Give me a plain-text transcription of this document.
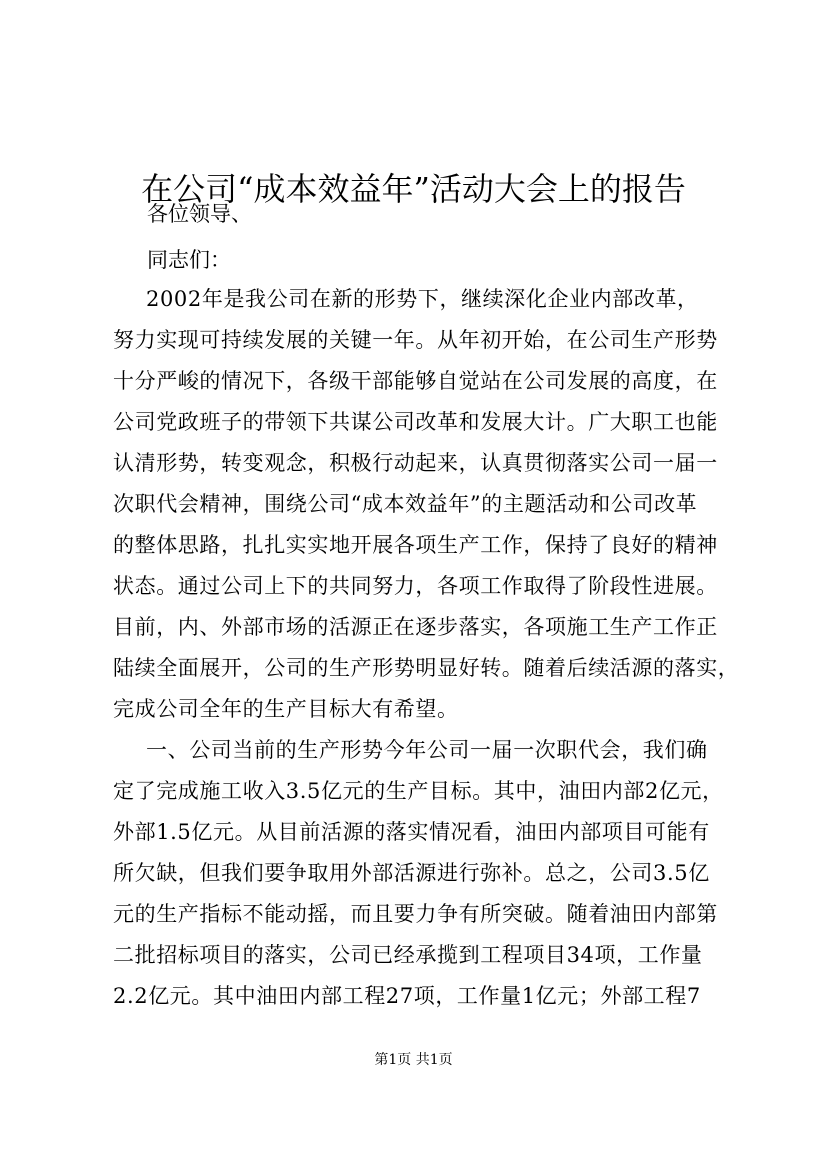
在公司“成本效益年”活动大会上的报告
各位领导、
同志们：
2002年是我公司在新的形势下，继续深化企业内部改革，
努力实现可持续发展的关键一年。从年初开始，在公司生产形势
十分严峻的情况下，各级干部能够自觉站在公司发展的高度，在
公司党政班子的带领下共谋公司改革和发展大计。广大职工也能
认清形势，转变观念，积极行动起来，认真贯彻落实公司一届一
次职代会精神，围绕公司“成本效益年”的主题活动和公司改革
的整体思路，扎扎实实地开展各项生产工作，保持了良好的精神
状态。通过公司上下的共同努力，各项工作取得了阶段性进展。
目前，内、外部市场的活源正在逐步落实，各项施工生产工作正
陆续全面展开，公司的生产形势明显好转。随着后续活源的落实，
完成公司全年的生产目标大有希望。
一、公司当前的生产形势今年公司一届一次职代会，我们确
定了完成施工收入3.5亿元的生产目标。其中，油田内部2亿元，
外部1.5亿元。从目前活源的落实情况看，油田内部项目可能有
所欠缺，但我们要争取用外部活源进行弥补。总之，公司3.5亿
元的生产指标不能动摇，而且要力争有所突破。随着油田内部第
二批招标项目的落实，公司已经承揽到工程项目34项，工作量
2.2亿元。其中油田内部工程27项，工作量1亿元；外部工程7
第1页 共1页
